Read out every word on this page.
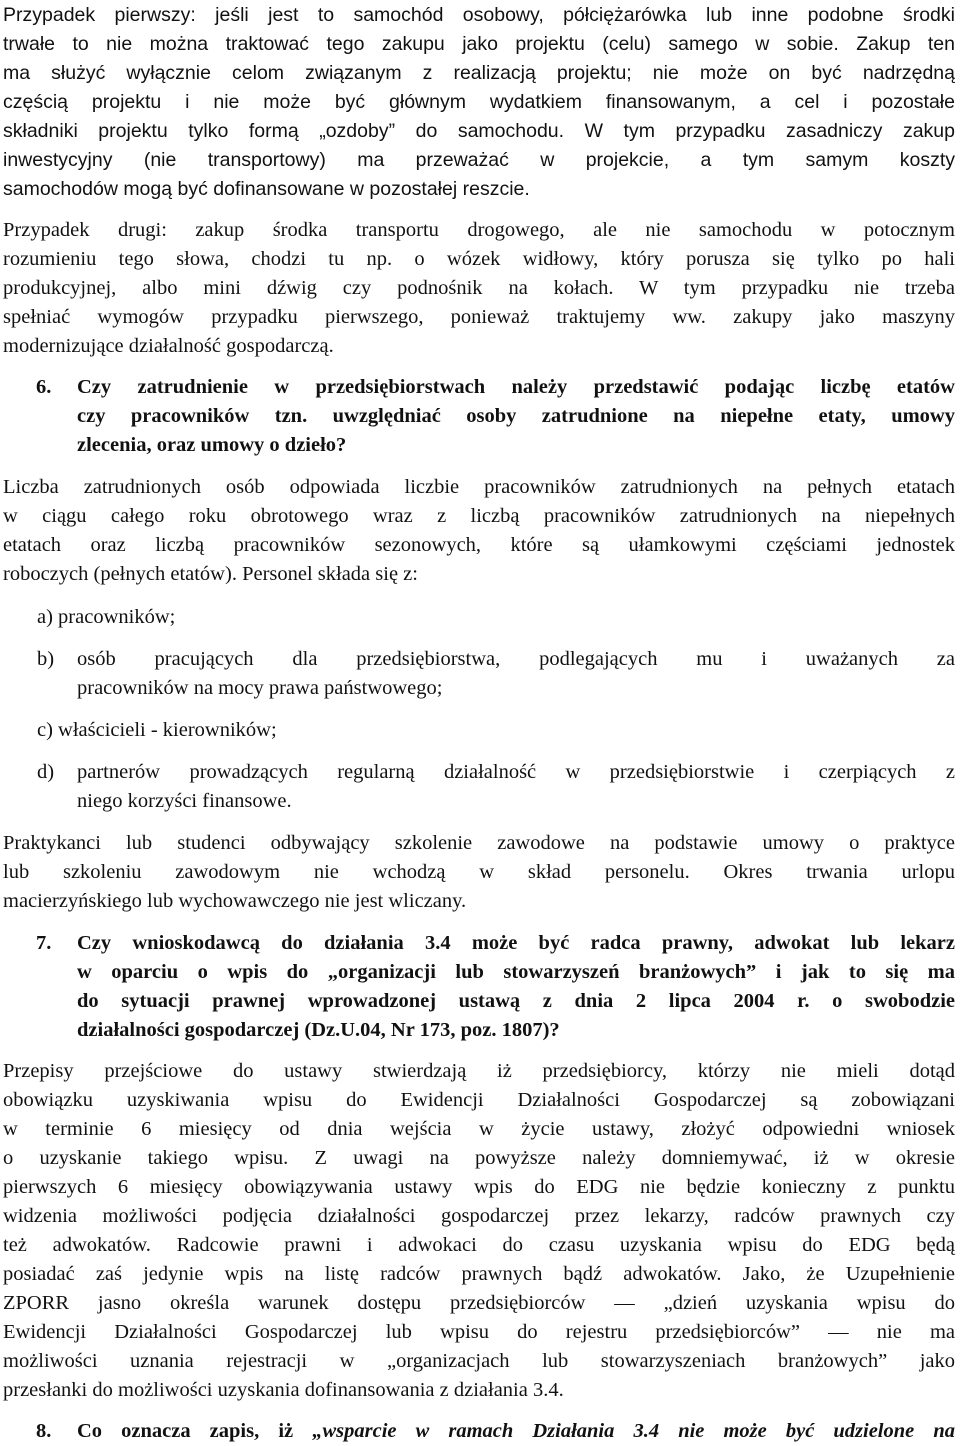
Przypadek pierwszy: jeśli jest to samochód osobowy, półciężarówka lub inne podobne środki
trwałe to nie można traktować tego zakupu jako projektu (celu) samego w sobie. Zakup ten
ma służyć wyłącznie celom związanym z realizacją projektu; nie może on być nadrzędną
częścią projektu i nie może być głównym wydatkiem finansowanym, a cel i pozostałe
składniki projektu tylko formą „ozdoby” do samochodu. W tym przypadku zasadniczy zakup
inwestycyjny (nie transportowy) ma przeważać w projekcie, a tym samym koszty
samochodów mogą być dofinansowane w pozostałej reszcie.
Przypadek drugi: zakup środka transportu drogowego, ale nie samochodu w potocznym
rozumieniu tego słowa, chodzi tu np. o wózek widłowy, który porusza się tylko po hali
produkcyjnej, albo mini dźwig czy podnośnik na kołach. W tym przypadku nie trzeba
spełniać wymogów przypadku pierwszego, ponieważ traktujemy ww. zakupy jako maszyny
modernizujące działalność gospodarczą.
6.	Czy zatrudnienie w przedsiębiorstwach należy przedstawić podając liczbę etatów
czy pracowników tzn. uwzględniać osoby zatrudnione na niepełne etaty, umowy
zlecenia, oraz umowy o dzieło?
Liczba zatrudnionych osób odpowiada liczbie pracowników zatrudnionych na pełnych etatach
w ciągu całego roku obrotowego wraz z liczbą pracowników zatrudnionych na niepełnych
etatach oraz liczbą pracowników sezonowych, które są ułamkowymi częściami jednostek
roboczych (pełnych etatów). Personel składa się z:
a) pracowników;
b)	osób pracujących dla przedsiębiorstwa, podlegających mu i uważanych za
pracowników na mocy prawa państwowego;
c) właścicieli - kierowników;
d)	partnerów prowadzących regularną działalność w przedsiębiorstwie i czerpiących z
niego korzyści finansowe.
Praktykanci lub studenci odbywający szkolenie zawodowe na podstawie umowy o praktyce
lub szkoleniu zawodowym nie wchodzą w skład personelu. Okres trwania urlopu
macierzyńskiego lub wychowawczego nie jest wliczany.
7.	Czy wnioskodawcą do działania 3.4 może być radca prawny, adwokat lub lekarz
w oparciu o wpis do „organizacji lub stowarzyszeń branżowych” i jak to się ma
do sytuacji prawnej wprowadzonej ustawą z dnia 2 lipca 2004 r. o swobodzie
działalności gospodarczej (Dz.U.04, Nr 173, poz. 1807)?
Przepisy przejściowe do ustawy stwierdzają iż przedsiębiorcy, którzy nie mieli dotąd
obowiązku uzyskiwania wpisu do Ewidencji Działalności Gospodarczej są zobowiązani
w terminie 6 miesięcy od dnia wejścia w życie ustawy, złożyć odpowiedni wniosek
o uzyskanie takiego wpisu. Z uwagi na powyższe należy domniemywać, iż w okresie
pierwszych 6 miesięcy obowiązywania ustawy wpis do EDG nie będzie konieczny z punktu
widzenia możliwości podjęcia działalności gospodarczej przez lekarzy, radców prawnych czy
też adwokatów. Radcowie prawni i adwokaci do czasu uzyskania wpisu do EDG będą
posiadać zaś jedynie wpis na listę radców prawnych bądź adwokatów. Jako, że Uzupełnienie
ZPORR jasno określa warunek dostępu przedsiębiorców — „dzień uzyskania wpisu do
Ewidencji Działalności Gospodarczej lub wpisu do rejestru przedsiębiorców” — nie ma
możliwości uznania rejestracji w „organizacjach lub stowarzyszeniach branżowych” jako
przesłanki do możliwości uzyskania dofinansowania z działania 3.4.
8.	Co oznacza zapis, iż „wsparcie w ramach Działania 3.4 nie może być udzielone na
